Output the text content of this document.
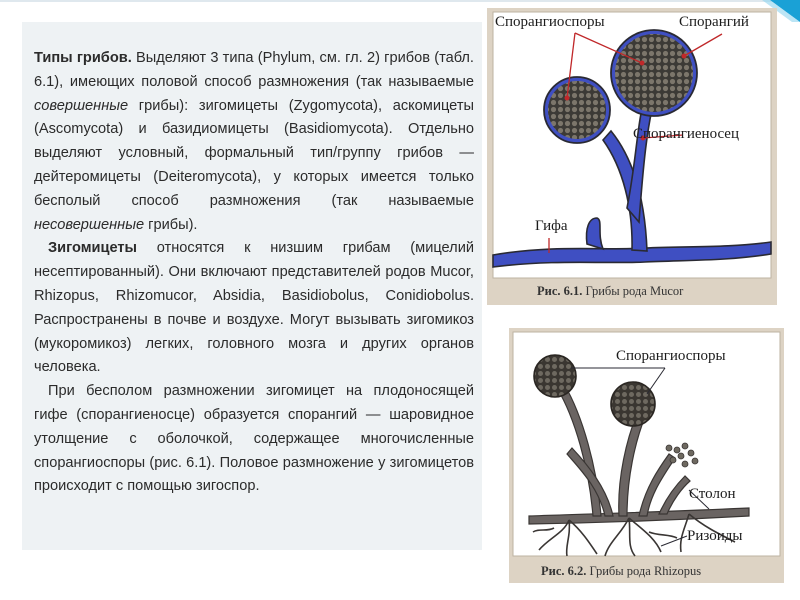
Типы грибов. Выделяют 3 типа (Phylum, см. гл. 2) грибов (табл. 6.1), имеющих половой способ размножения (так называемые совершенные грибы): зигомицеты (Zygomycota), аскомицеты (Ascomycota) и базидиомицеты (Basidiomycota). Отдельно выделяют условный, формальный тип/группу грибов — дейтеромицеты (Deiteromycota), у которых имеется только бесполый способ размножения (так называемые несовершенные грибы).

Зигомицеты относятся к низшим грибам (мицелий несептированный). Они включают представителей родов Mucor, Rhizopus, Rhizomucor, Absidia, Basidiobolus, Conidiobolus. Распространены в почве и воздухе. Могут вызывать зигомикоз (мукоромикоз) легких, головного мозга и других органов человека.

При бесполом размножении зигомицет на плодоносящей гифе (спорангиеносце) образуется спорангий — шаровидное утолщение с оболочкой, содержащее многочисленные спорангиоспоры (рис. 6.1). Половое размножение у зигомицетов происходит с помощью зигоспор.

Спорангиоспоры	Спорангий
Спорангиеносец
Гифа
Рис. 6.1. Грибы рода Mucor
Спорангиоспоры
Столон
Ризоиды
Рис. 6.2. Грибы рода Rhizopus
